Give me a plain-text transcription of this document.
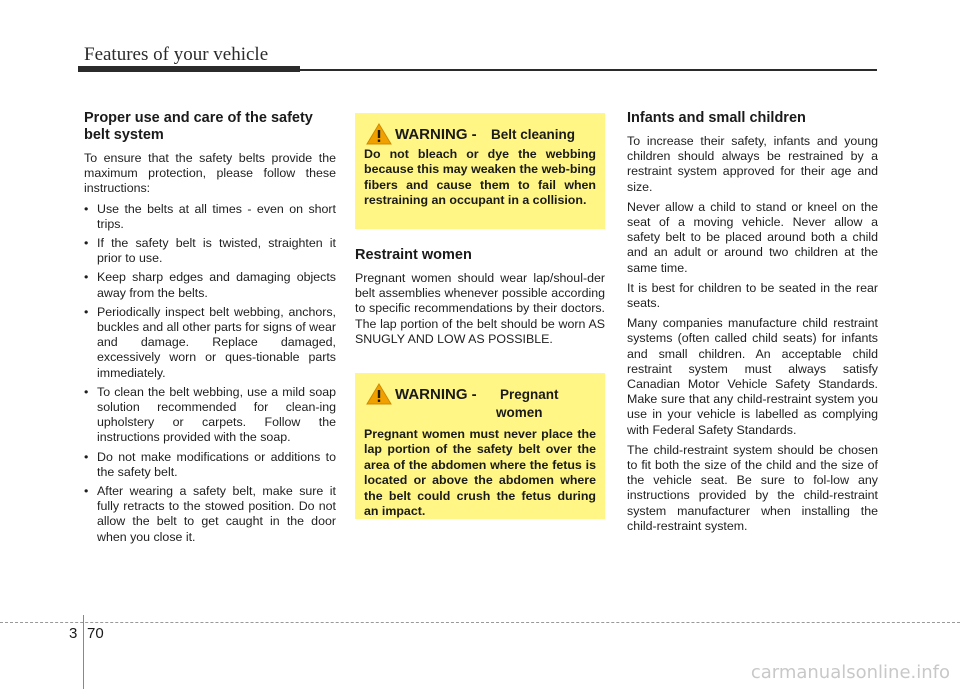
Features of your vehicle
Proper use and care of the safety belt system

To ensure that the safety belts provide the maximum protection, please follow these instructions:

• Use the belts at all times - even on short trips.
• If the safety belt is twisted, straighten it prior to use.
• Keep sharp edges and damaging objects away from the belts.
• Periodically inspect belt webbing, anchors, buckles and all other parts for signs of wear and damage. Replace damaged, excessively worn or ques-tionable parts immediately.
• To clean the belt webbing, use a mild soap solution recommended for clean-ing upholstery or carpets. Follow the instructions provided with the soap.
• Do not make modifications or additions to the safety belt.
• After wearing a safety belt, make sure it fully retracts to the stowed position. Do not allow the belt to get caught in the door when you close it.
WARNING - Belt cleaning
Do not bleach or dye the webbing because this may weaken the web-bing fibers and cause them to fail when restraining an occupant in a collision.
Restraint women

Pregnant women should wear lap/shoul-der belt assemblies whenever possible according to specific recommendations by their doctors. The lap portion of the belt should be worn AS SNUGLY AND LOW AS POSSIBLE.

WARNING - Pregnant
women
Pregnant women must never place the lap portion of the safety belt over the area of the abdomen where the fetus is located or above the abdomen where the belt could crush the fetus during an impact.
Infants and small children

To increase their safety, infants and young children should always be restrained by a restraint system approved for their age and size.

Never allow a child to stand or kneel on the seat of a moving vehicle. Never allow a safety belt to be placed around both a child and an adult or around two children at the same time.

It is best for children to be seated in the rear seats.

Many companies manufacture child restraint systems (often called child seats) for infants and small children. An acceptable child restraint system must always satisfy Canadian Motor Vehicle Safety Standards. Make sure that any child-restraint system you use in your vehicle is labelled as complying with Federal Safety Standards.

The child-restraint system should be chosen to fit both the size of the child and the size of the vehicle seat. Be sure to fol-low any instructions provided by the child-restraint system manufacturer when installing the child-restraint system.

3 70
carmanualsonline.info
